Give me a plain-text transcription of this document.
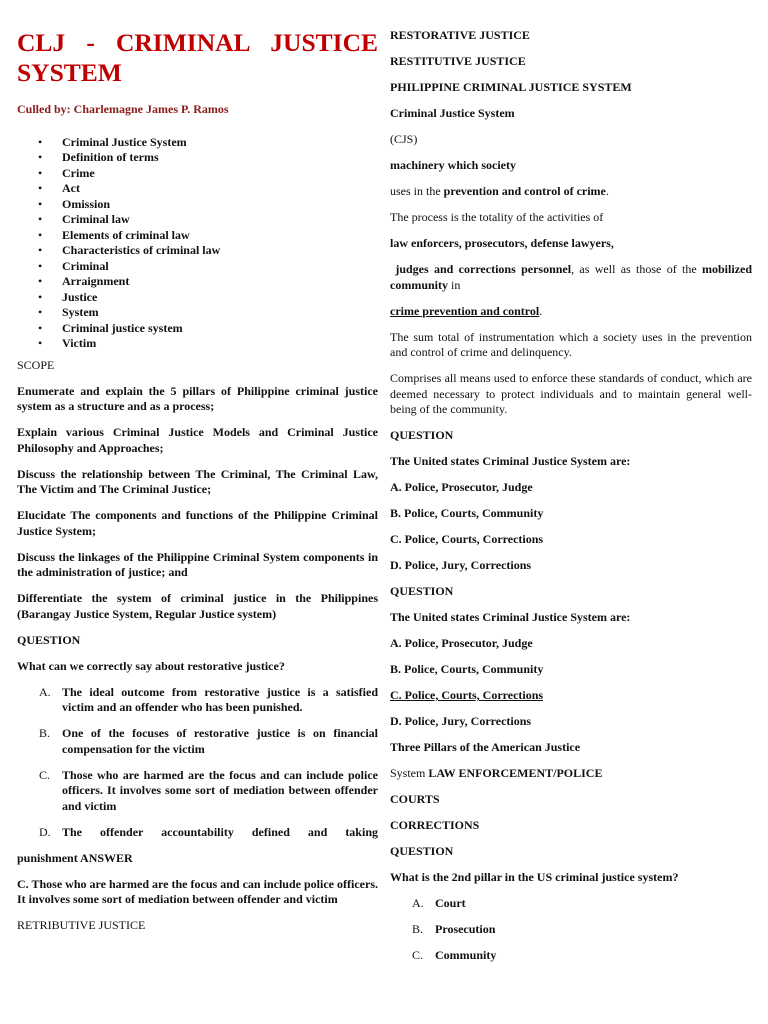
CLJ - CRIMINAL JUSTICE SYSTEM
Culled by: Charlemagne James P. Ramos
• Criminal Justice System
• Definition of terms
• Crime
• Act
• Omission
• Criminal law
• Elements of criminal law
• Characteristics of criminal law
• Criminal
• Arraignment
• Justice
• System
• Criminal justice system
• Victim

SCOPE

Enumerate and explain the 5 pillars of Philippine criminal justice system as a structure and as a process;

Explain various Criminal Justice Models and Criminal Justice Philosophy and Approaches;

Discuss the relationship between The Criminal, The Criminal Law, The Victim and The Criminal Justice;

Elucidate The components and functions of the Philippine Criminal Justice System;

Discuss the linkages of the Philippine Criminal System components in the administration of justice; and

Differentiate the system of criminal justice in the Philippines (Barangay Justice System, Regular Justice system)

QUESTION

What can we correctly say about restorative justice?

A. The ideal outcome from restorative justice is a satisfied victim and an offender who has been punished.
B. One of the focuses of restorative justice is on financial compensation for the victim
C. Those who are harmed are the focus and can include police officers. It involves some sort of mediation between offender and victim
D. The offender accountability defined and taking

punishment ANSWER

C. Those who are harmed are the focus and can include police officers. It involves some sort of mediation between offender and victim

RETRIBUTIVE JUSTICE

RESTORATIVE JUSTICE

RESTITUTIVE JUSTICE

PHILIPPINE CRIMINAL JUSTICE SYSTEM

Criminal Justice System

(CJS)

machinery which society

uses in the prevention and control of crime.

The process is the totality of the activities of

law enforcers, prosecutors, defense lawyers,

judges and corrections personnel, as well as those of the mobilized community in

crime prevention and control.

The sum total of instrumentation which a society uses in the prevention and control of crime and delinquency.

Comprises all means used to enforce these standards of conduct, which are deemed necessary to protect individuals and to maintain general well-being of the community.

QUESTION

The United states Criminal Justice System are:

A. Police, Prosecutor, Judge

B. Police, Courts, Community

C. Police, Courts, Corrections

D. Police, Jury, Corrections

QUESTION

The United states Criminal Justice System are:

A. Police, Prosecutor, Judge

B. Police, Courts, Community

C. Police, Courts, Corrections

D. Police, Jury, Corrections

Three Pillars of the American Justice

System LAW ENFORCEMENT/POLICE

COURTS

CORRECTIONS

QUESTION

What is the 2nd pillar in the US criminal justice system?

A. Court
B. Prosecution
C. Community
